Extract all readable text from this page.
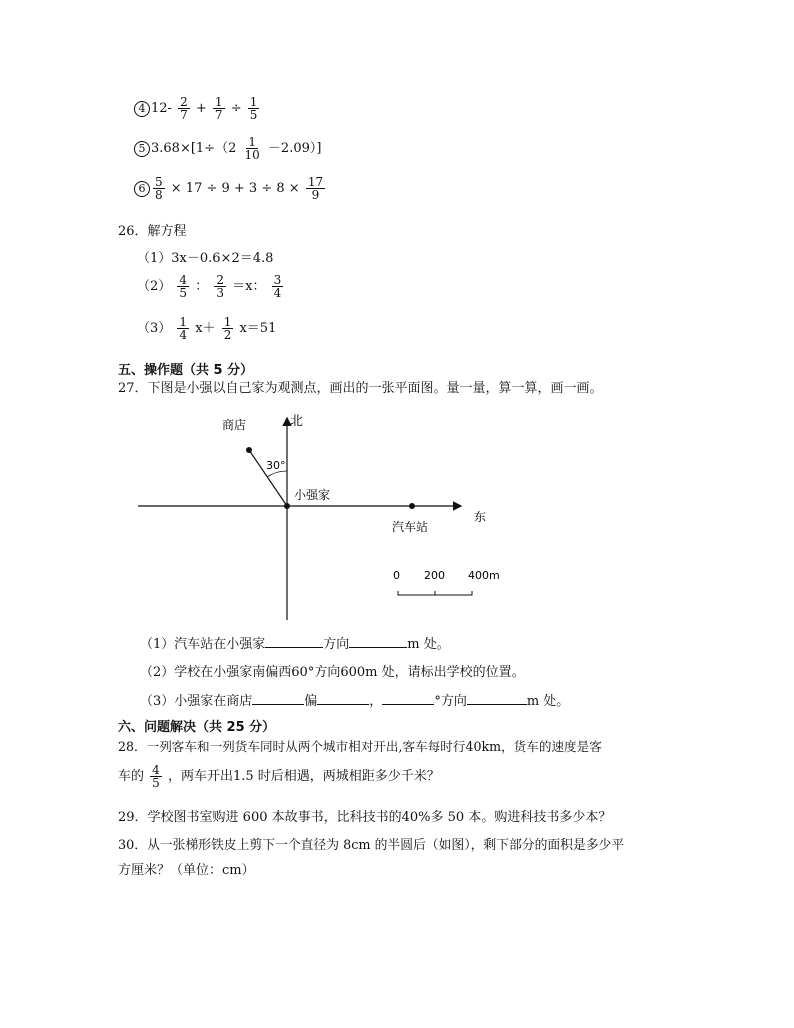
4 $12- \frac{2}{7} + \frac{1}{7} \div \frac{1}{5}$
5 $3.68\times[1\div(2 \frac{1}{10} -2.09)]$
$6 \frac{5}{8} \times 17 \div 9 + 3 \div 8 \times \frac{17}{9}$
26．解方程
（1）3x－0.6×2＝4.8
$(2) \frac{4}{5}$ ： $\frac{2}{3} =x$： $\frac{3}{4}$
$(3) \frac{1}{4} x+ \frac{1}{2} x=51$
五、操作题（共 5 分）
27．下图是小强以自己家为观测点，画出的一张平面图。量一量，算一算，画一画。
北
东
商店
30°
小强家
汽车站
0 200 400m
（1）汽车站在小强家	方向	m 处。
（2）学校在小强家南偏西60°方向600m 处，请标出学校的位置。
（3）小强家在商店	偏	，	°方向	m 处。
六、问题解决（共 25 分）
28．一列客车和一列货车同时从两个城市相对开出,客车每时行40km，货车的速度是客
车的 $\frac{4}{5}$ ，两车开出1.5 时后相遇，两城相距多少千米？
29．学校图书室购进 600 本故事书，比科技书的40%多 50 本。购进科技书多少本？
30．从一张梯形铁皮上剪下一个直径为 8cm 的半圆后（如图），剩下部分的面积是多少平
方厘米？（单位：cm）
